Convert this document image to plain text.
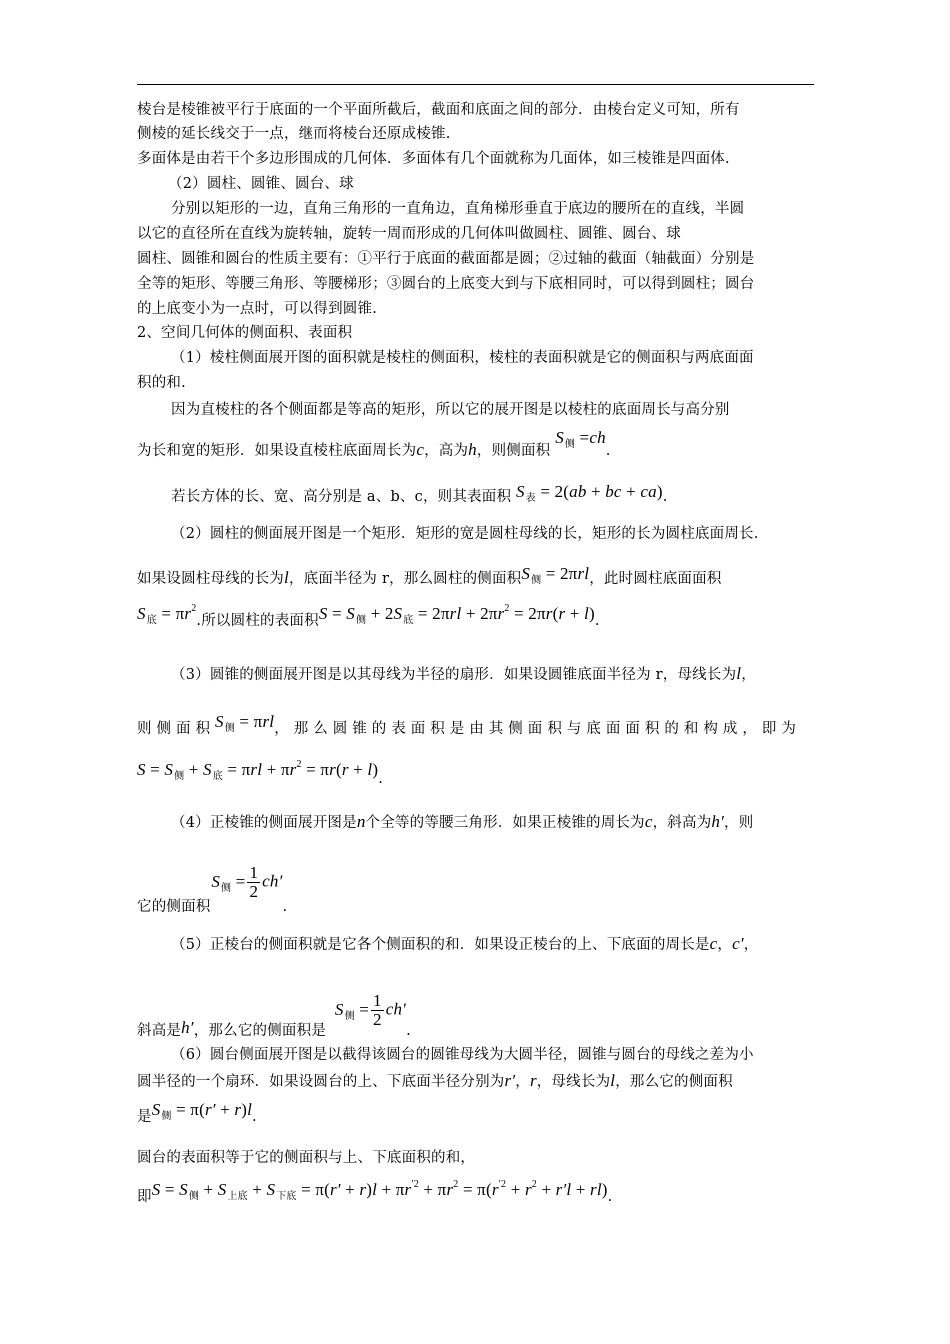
棱台是棱锥被平行于底面的一个平面所截后，截面和底面之间的部分．由棱台定义可知，所有
侧棱的延长线交于一点，继而将棱台还原成棱锥.
多面体是由若干个多边形围成的几何体．多面体有几个面就称为几面体，如三棱锥是四面体.
（2）圆柱、圆锥、圆台、球
分别以矩形的一边，直角三角形的一直角边，直角梯形垂直于底边的腰所在的直线，半圆
以它的直径所在直线为旋转轴，旋转一周而形成的几何体叫做圆柱、圆锥、圆台、球
圆柱、圆锥和圆台的性质主要有：①平行于底面的截面都是圆；②过轴的截面（轴截面）分别是
全等的矩形、等腰三角形、等腰梯形；③圆台的上底变大到与下底相同时，可以得到圆柱；圆台
的上底变小为一点时，可以得到圆锥.
2、空间几何体的侧面积、表面积
（1）棱柱侧面展开图的面积就是棱柱的侧面积，棱柱的表面积就是它的侧面积与两底面面
积的和.
因为直棱柱的各个侧面都是等高的矩形，所以它的展开图是以棱柱的底面周长与高分别
为长和宽的矩形．如果设直棱柱底面周长为c，高为h，则侧面积 $S_侧 =ch$.
若长方体的长、宽、高分别是 a、b、c，则其表面积 $S_表 = 2(ab$ + bc + ca).
（2）圆柱的侧面展开图是一个矩形．矩形的宽是圆柱母线的长，矩形的长为圆柱底面周长.
如果设圆柱母线的长为l，底面半径为 r，那么圆柱的侧面积$S_侧 = 2\pi rl$，此时圆柱底面面积
$S_底 = \pi r^2$.所以圆柱的表面积$S = S_侧 + 2S_底 = 2\pi rl + 2\pi r^2 = 2\pi r(r + l)$.
（3）圆锥的侧面展开图是以其母线为半径的扇形．如果设圆锥底面半径为 r，母线长为l，
则 侧 面 积 $S_侧 = \pi rl$， 那 么 圆 锥 的 表 面 积 是 由 其 侧 面 积 与 底 面 面 积 的 和 构 成 ， 即 为
$S = S_侧 + S_底 = \pi rl + \pi r^2 = \pi r(r + l)$.
（4）正棱锥的侧面展开图是n个全等的等腰三角形．如果正棱锥的周长为c，斜高为h′，则
它的侧面积 $S_侧 = \frac{1}{2} ch'$.
（5）正棱台的侧面积就是它各个侧面积的和．如果设正棱台的上、下底面的周长是c，c′，
斜高是h′，那么它的侧面积是 $S_侧 = \frac{1}{2} ch'$.
（6）圆台侧面展开图是以截得该圆台的圆锥母线为大圆半径，圆锥与圆台的母线之差为小
圆半径的一个扇环．如果设圆台的上、下底面半径分别为r′，r，母线长为l，那么它的侧面积
是$S_侧 = \pi(r' + r)l$.
圆台的表面积等于它的侧面积与上、下底面积的和，
即$S = S_侧 + S_{上底} + S_{下底} = \pi(r' + r)l + \pi r^{'2} + \pi r^2 = \pi(r^{'2} + r^2 + r'l + rl)$.
